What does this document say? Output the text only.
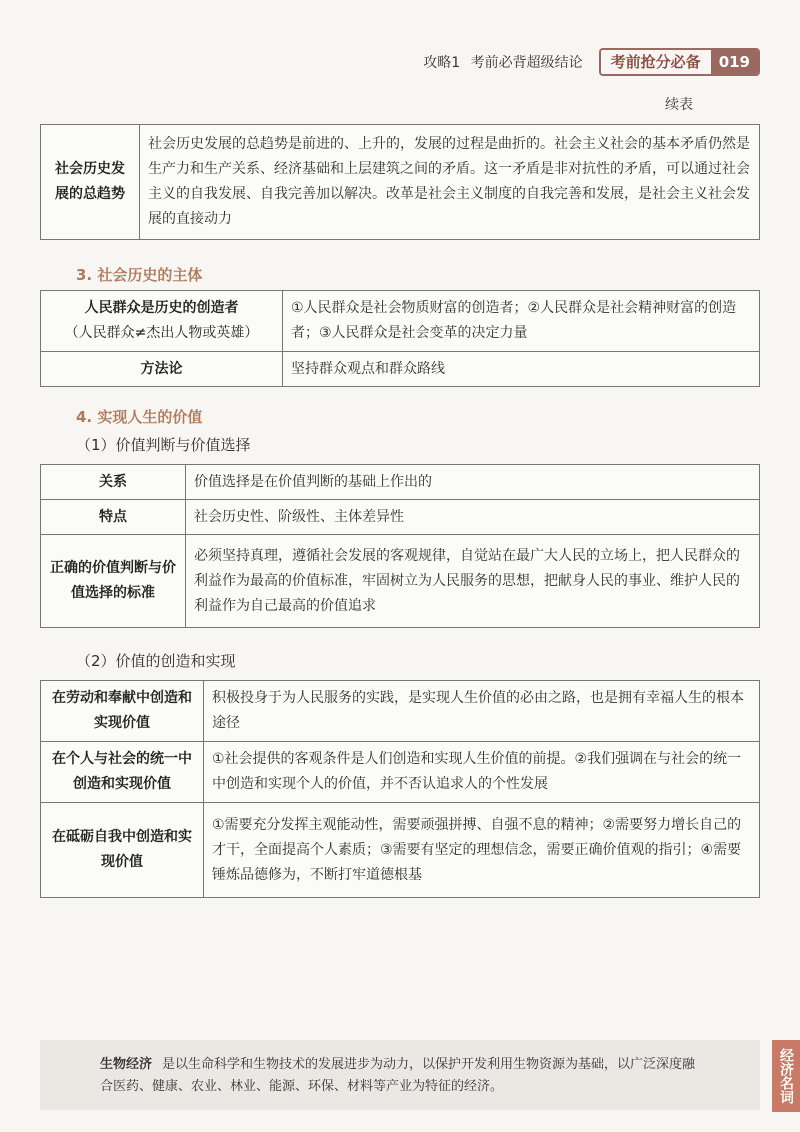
攻略1 考前必背超级结论	考前抢分必备	019
续表
社会历史发展的总趋势	社会历史发展的总趋势是前进的、上升的，发展的过程是曲折的。社会主义社会的基本矛盾仍然是生产力和生产关系、经济基础和上层建筑之间的矛盾。这一矛盾是非对抗性的矛盾，可以通过社会主义的自我发展、自我完善加以解决。改革是社会主义制度的自我完善和发展，是社会主义社会发展的直接动力
3. 社会历史的主体
人民群众是历史的创造者
（人民群众≠杰出人物或英雄）	①人民群众是社会物质财富的创造者；②人民群众是社会精神财富的创造者；③人民群众是社会变革的决定力量
方法论	坚持群众观点和群众路线
4. 实现人生的价值
（1）价值判断与价值选择
关系	价值选择是在价值判断的基础上作出的
特点	社会历史性、阶级性、主体差异性
正确的价值判断与价值选择的标准	必须坚持真理，遵循社会发展的客观规律，自觉站在最广大人民的立场上，把人民群众的利益作为最高的价值标准，牢固树立为人民服务的思想，把献身人民的事业、维护人民的利益作为自己最高的价值追求
（2）价值的创造和实现
在劳动和奉献中创造和实现价值	积极投身于为人民服务的实践，是实现人生价值的必由之路，也是拥有幸福人生的根本途径
在个人与社会的统一中创造和实现价值	①社会提供的客观条件是人们创造和实现人生价值的前提。②我们强调在与社会的统一中创造和实现个人的价值，并不否认追求人的个性发展
在砥砺自我中创造和实现价值	①需要充分发挥主观能动性，需要顽强拼搏、自强不息的精神；②需要努力增长自己的才干，全面提高个人素质；③需要有坚定的理想信念，需要正确价值观的指引；④需要锤炼品德修为，不断打牢道德根基
生物经济 是以生命科学和生物技术的发展进步为动力，以保护开发利用生物资源为基础，以广泛深度融合医药、健康、农业、林业、能源、环保、材料等产业为特征的经济。	经济名词
